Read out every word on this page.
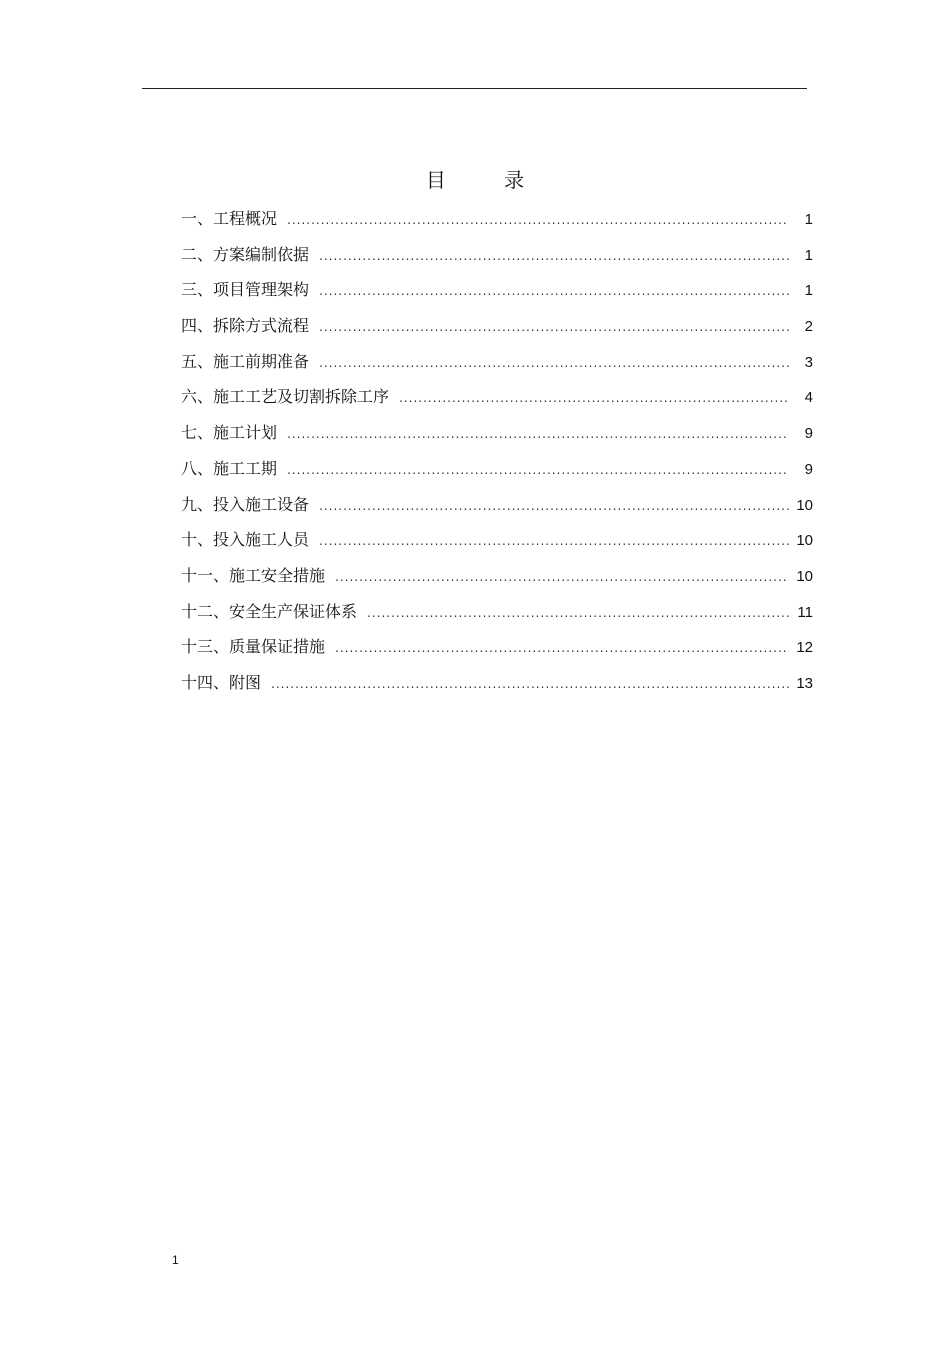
目 录
一、工程概况 .....	1
二、方案编制依据 .....	1
三、项目管理架构 .....	1
四、拆除方式流程 .....	2
五、施工前期准备 .....	3
六、施工工艺及切割拆除工序 .....	4
七、施工计划 .....	9
八、施工工期 .....	9
九、投入施工设备 .....	10
十、投入施工人员 .....	10
十一、施工安全措施 .....	10
十二、安全生产保证体系 .....	11
十三、质量保证措施 .....	12
十四、附图 .....	13
1
